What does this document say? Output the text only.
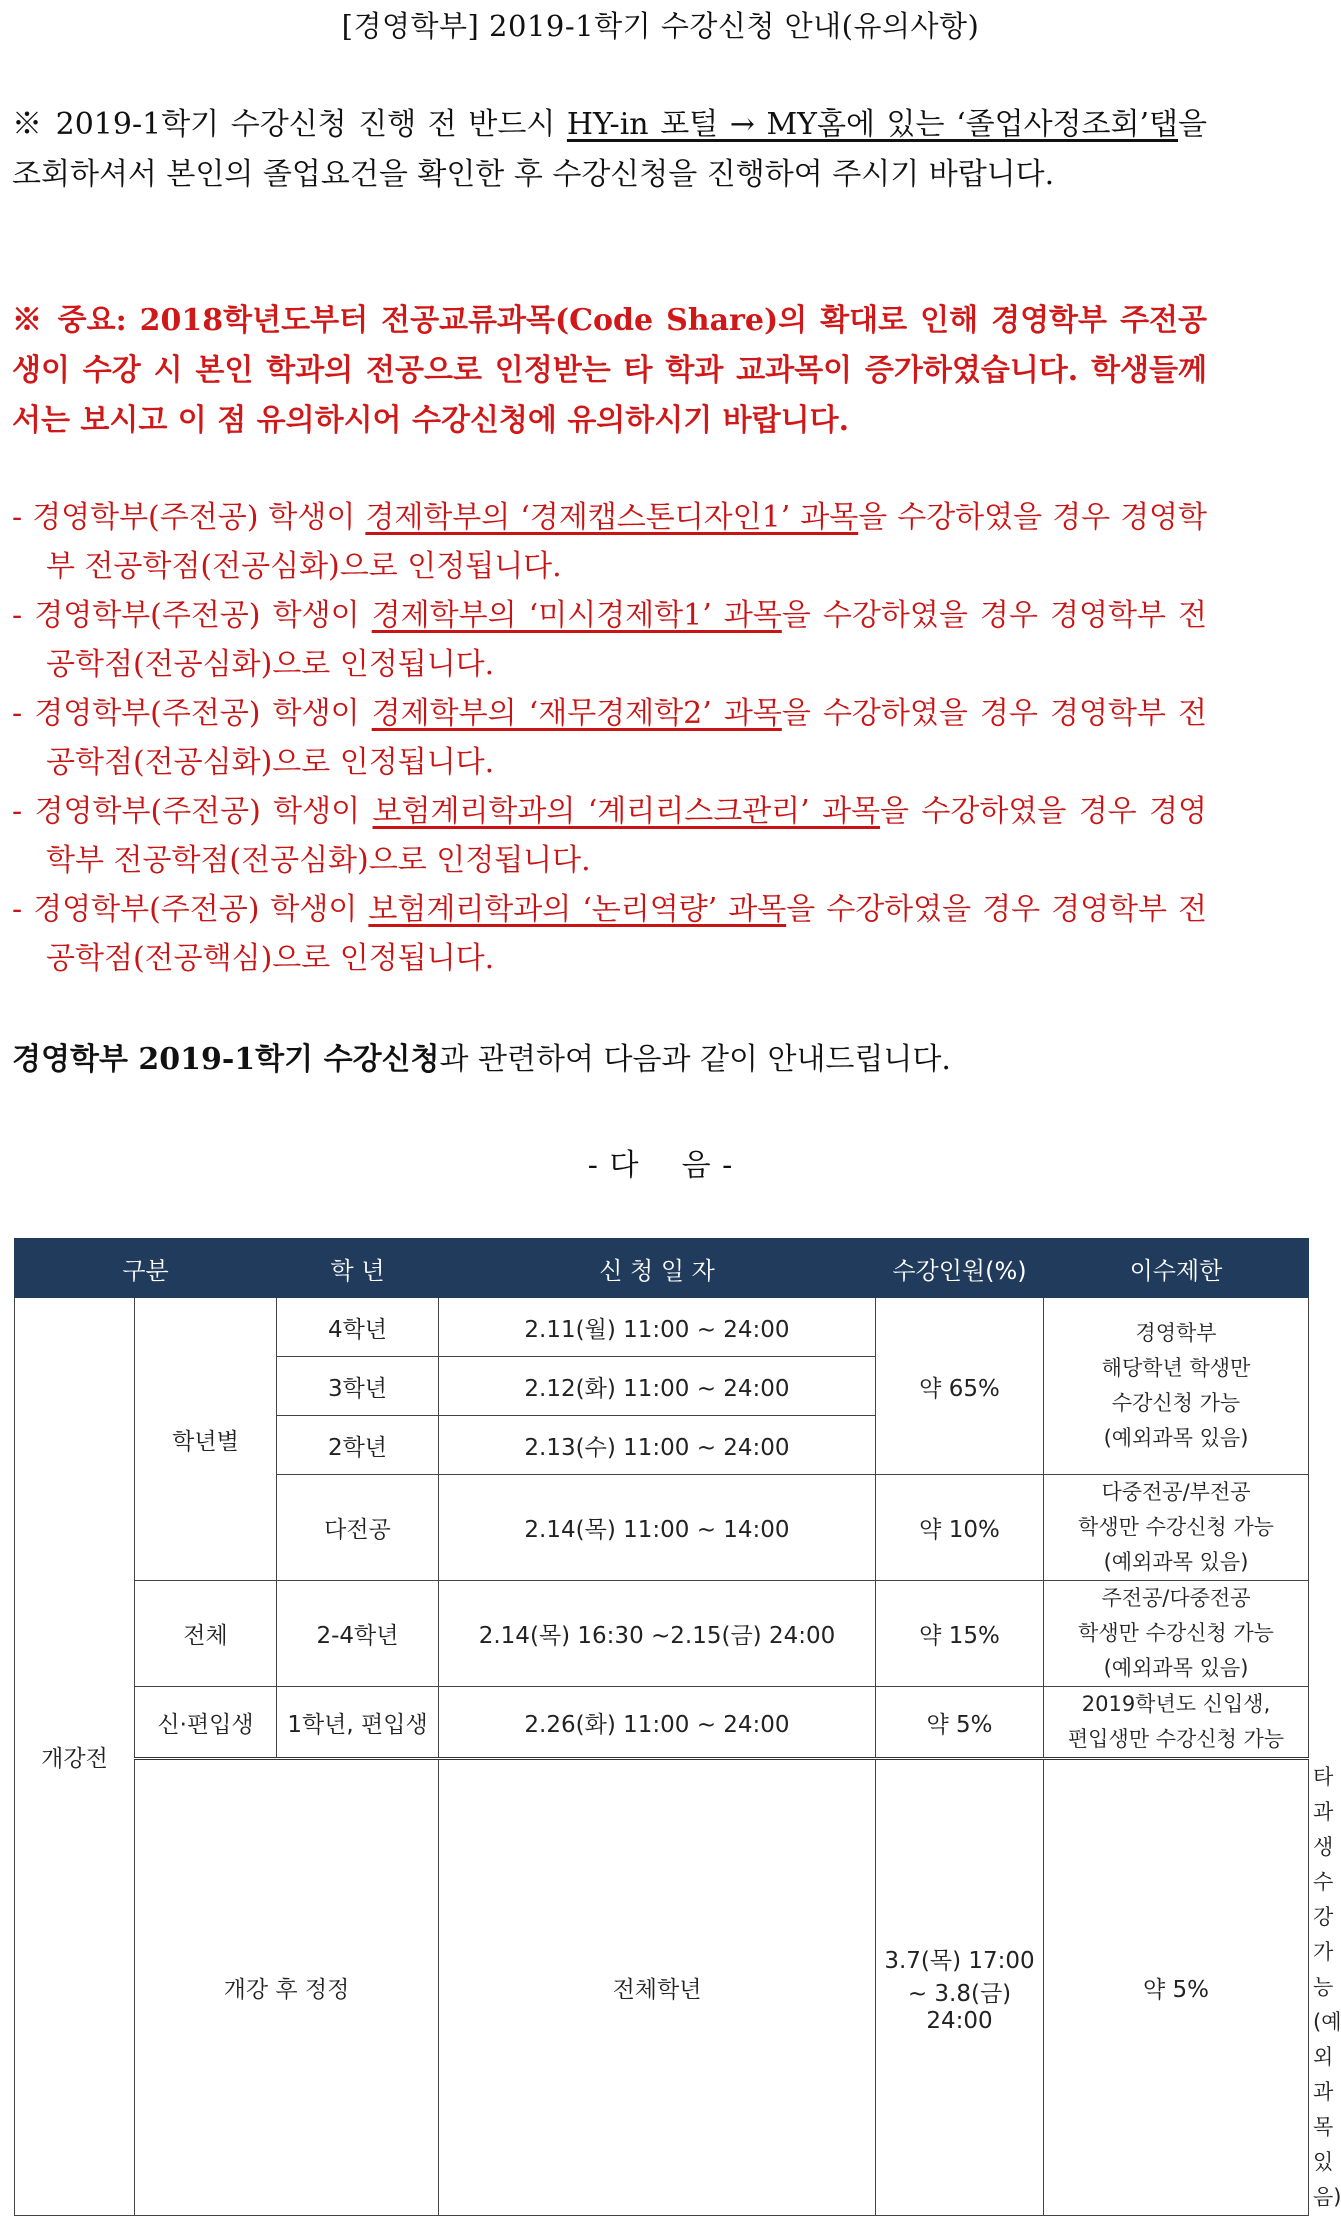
[경영학부] 2019-1학기 수강신청 안내(유의사항)
※ 2019-1학기 수강신청 진행 전 반드시 HY-in 포털 → MY홈에 있는 ‘졸업사정조회’탭을 조회하셔서 본인의 졸업요건을 확인한 후 수강신청을 진행하여 주시기 바랍니다.
※ 중요: 2018학년도부터 전공교류과목(Code Share)의 확대로 인해 경영학부 주전공생이 수강 시 본인 학과의 전공으로 인정받는 타 학과 교과목이 증가하였습니다. 학생들께서는 보시고 이 점 유의하시어 수강신청에 유의하시기 바랍니다.
- 경영학부(주전공) 학생이 경제학부의 ‘경제캡스톤디자인1’ 과목을 수강하였을 경우 경영학부 전공학점(전공심화)으로 인정됩니다.
- 경영학부(주전공) 학생이 경제학부의 ‘미시경제학1’ 과목을 수강하였을 경우 경영학부 전공학점(전공심화)으로 인정됩니다.
- 경영학부(주전공) 학생이 경제학부의 ‘재무경제학2’ 과목을 수강하였을 경우 경영학부 전공학점(전공심화)으로 인정됩니다.
- 경영학부(주전공) 학생이 보험계리학과의 ‘계리리스크관리’ 과목을 수강하였을 경우 경영학부 전공학점(전공심화)으로 인정됩니다.
- 경영학부(주전공) 학생이 보험계리학과의 ‘논리역량’ 과목을 수강하였을 경우 경영학부 전공학점(전공핵심)으로 인정됩니다.
경영학부 2019-1학기 수강신청과 관련하여 다음과 같이 안내드립니다.
- 다    음 -
구분		학 년	신 청 일 자	수강인원(%)	이수제한	
개강전	학년별	4학년	2.11(월) 11:00 ~ 24:00	약 65%	경영학부
해당학년 학생만
수강신청 가능
(예외과목 있음)	

		3학년	2.12(화) 11:00 ~ 24:00			
		2학년	2.13(수) 11:00 ~ 24:00			
		다전공	2.14(목) 11:00 ~ 14:00	약 10%	다중전공/부전공
학생만 수강신청 가능
(예외과목 있음)	

	전체	2-4학년	2.14(목) 16:30 ~2.15(금) 24:00	약 15%	주전공/다중전공
학생만 수강신청 가능
(예외과목 있음)	

	신·편입생	1학년, 편입생	2.26(화) 11:00 ~ 24:00	약 5%	2019학년도 신입생,
편입생만 수강신청 가능	

	개강 후 정정		전체학년	3.7(목) 17:00 ~ 3.8(금) 24:00	약 5%	타과생 수강가능
(예외과목 있음)
